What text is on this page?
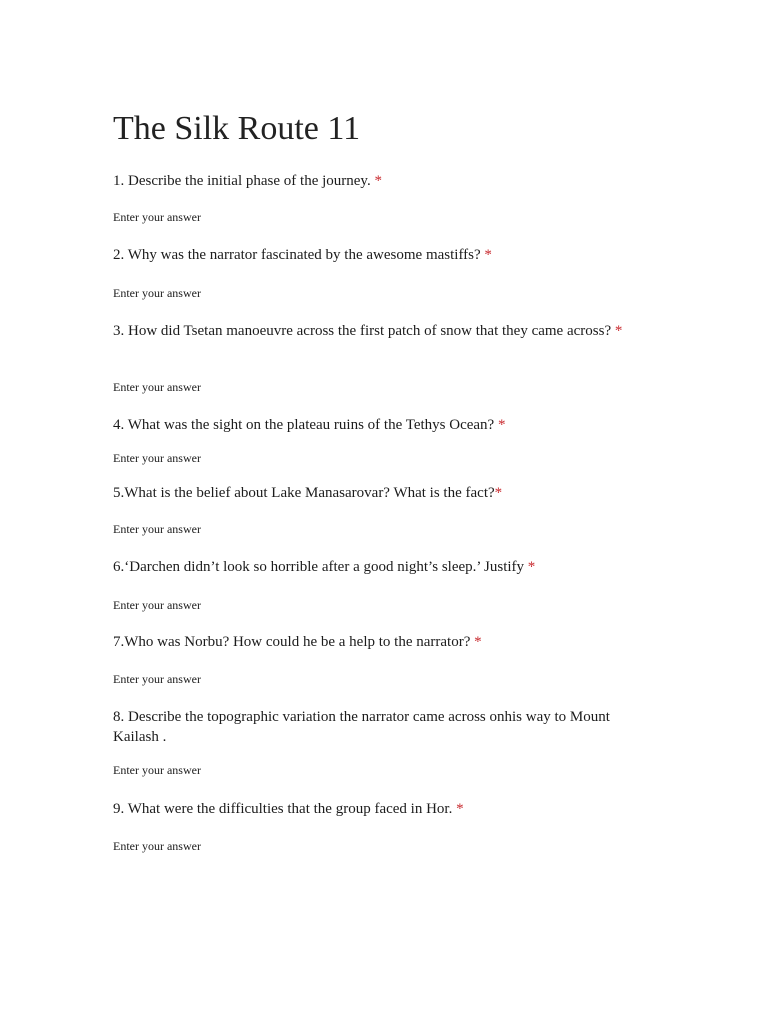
The Silk Route 11

1. Describe the initial phase of the journey. *

Enter your answer

2. Why was the narrator fascinated by the awesome mastiffs? *

Enter your answer

3. How did Tsetan manoeuvre across the first patch of snow that they came across? *

Enter your answer

4. What was the sight on the plateau ruins of the Tethys Ocean? *

Enter your answer

5.What is the belief about Lake Manasarovar? What is the fact?*

Enter your answer

6.‘Darchen didn’t look so horrible after a good night’s sleep.’ Justify *

Enter your answer

7.Who was Norbu? How could he be a help to the narrator? *

Enter your answer

8. Describe the topographic variation the narrator came across onhis way to Mount Kailash .

Enter your answer

9. What were the difficulties that the group faced in Hor. *

Enter your answer
